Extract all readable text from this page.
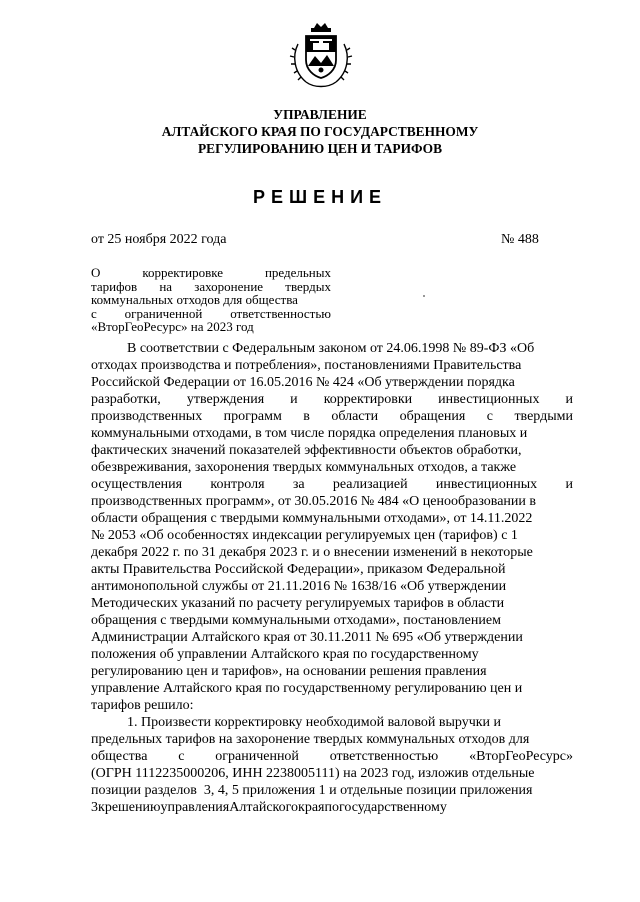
УПРАВЛЕНИЕ
АЛТАЙСКОГО КРАЯ ПО ГОСУДАРСТВЕННОМУ
РЕГУЛИРОВАНИЮ ЦЕН И ТАРИФОВ
РЕШЕНИЕ
от 25 ноября 2022 года	№ 488
О	корректировке	предельных
тарифов на захоронение твердых
коммунальных отходов для общества
с ограниченной ответственностью
«ВторГеоРесурс» на 2023 год
В соответствии с Федеральным законом от 24.06.1998 № 89-ФЗ «Об
отходах производства и потребления», постановлениями Правительства
Российской Федерации от 16.05.2016 № 424 «Об утверждении порядка
разработки, утверждения и корректировки инвестиционных и
производственных программ в области обращения с твердыми
коммунальными отходами, в том числе порядка определения плановых и
фактических значений показателей эффективности объектов обработки,
обезвреживания, захоронения твердых коммунальных отходов, а также
осуществления контроля за реализацией инвестиционных и
производственных программ», от 30.05.2016 № 484 «О ценообразовании в
области обращения с твердыми коммунальными отходами», от 14.11.2022
№ 2053 «Об особенностях индексации регулируемых цен (тарифов) с 1
декабря 2022 г. по 31 декабря 2023 г. и о внесении изменений в некоторые
акты Правительства Российской Федерации», приказом Федеральной
антимонопольной службы от 21.11.2016 № 1638/16 «Об утверждении
Методических указаний по расчету регулируемых тарифов в области
обращения с твердыми коммунальными отходами», постановлением
Администрации Алтайского края от 30.11.2011 № 695 «Об утверждении
положения об управлении Алтайского края по государственному
регулированию цен и тарифов», на основании решения правления
управление Алтайского края по государственному регулированию цен и
тарифов решило:
1. Произвести корректировку необходимой валовой выручки и
предельных тарифов на захоронение твердых коммунальных отходов для
общества с ограниченной ответственностью «ВторГеоРесурс»
(ОГРН 1112235000206, ИНН 2238005111) на 2023 год, изложив отдельные
позиции разделов  3, 4, 5 приложения 1 и отдельные позиции приложения
3 к решению управления Алтайского края по государственному
